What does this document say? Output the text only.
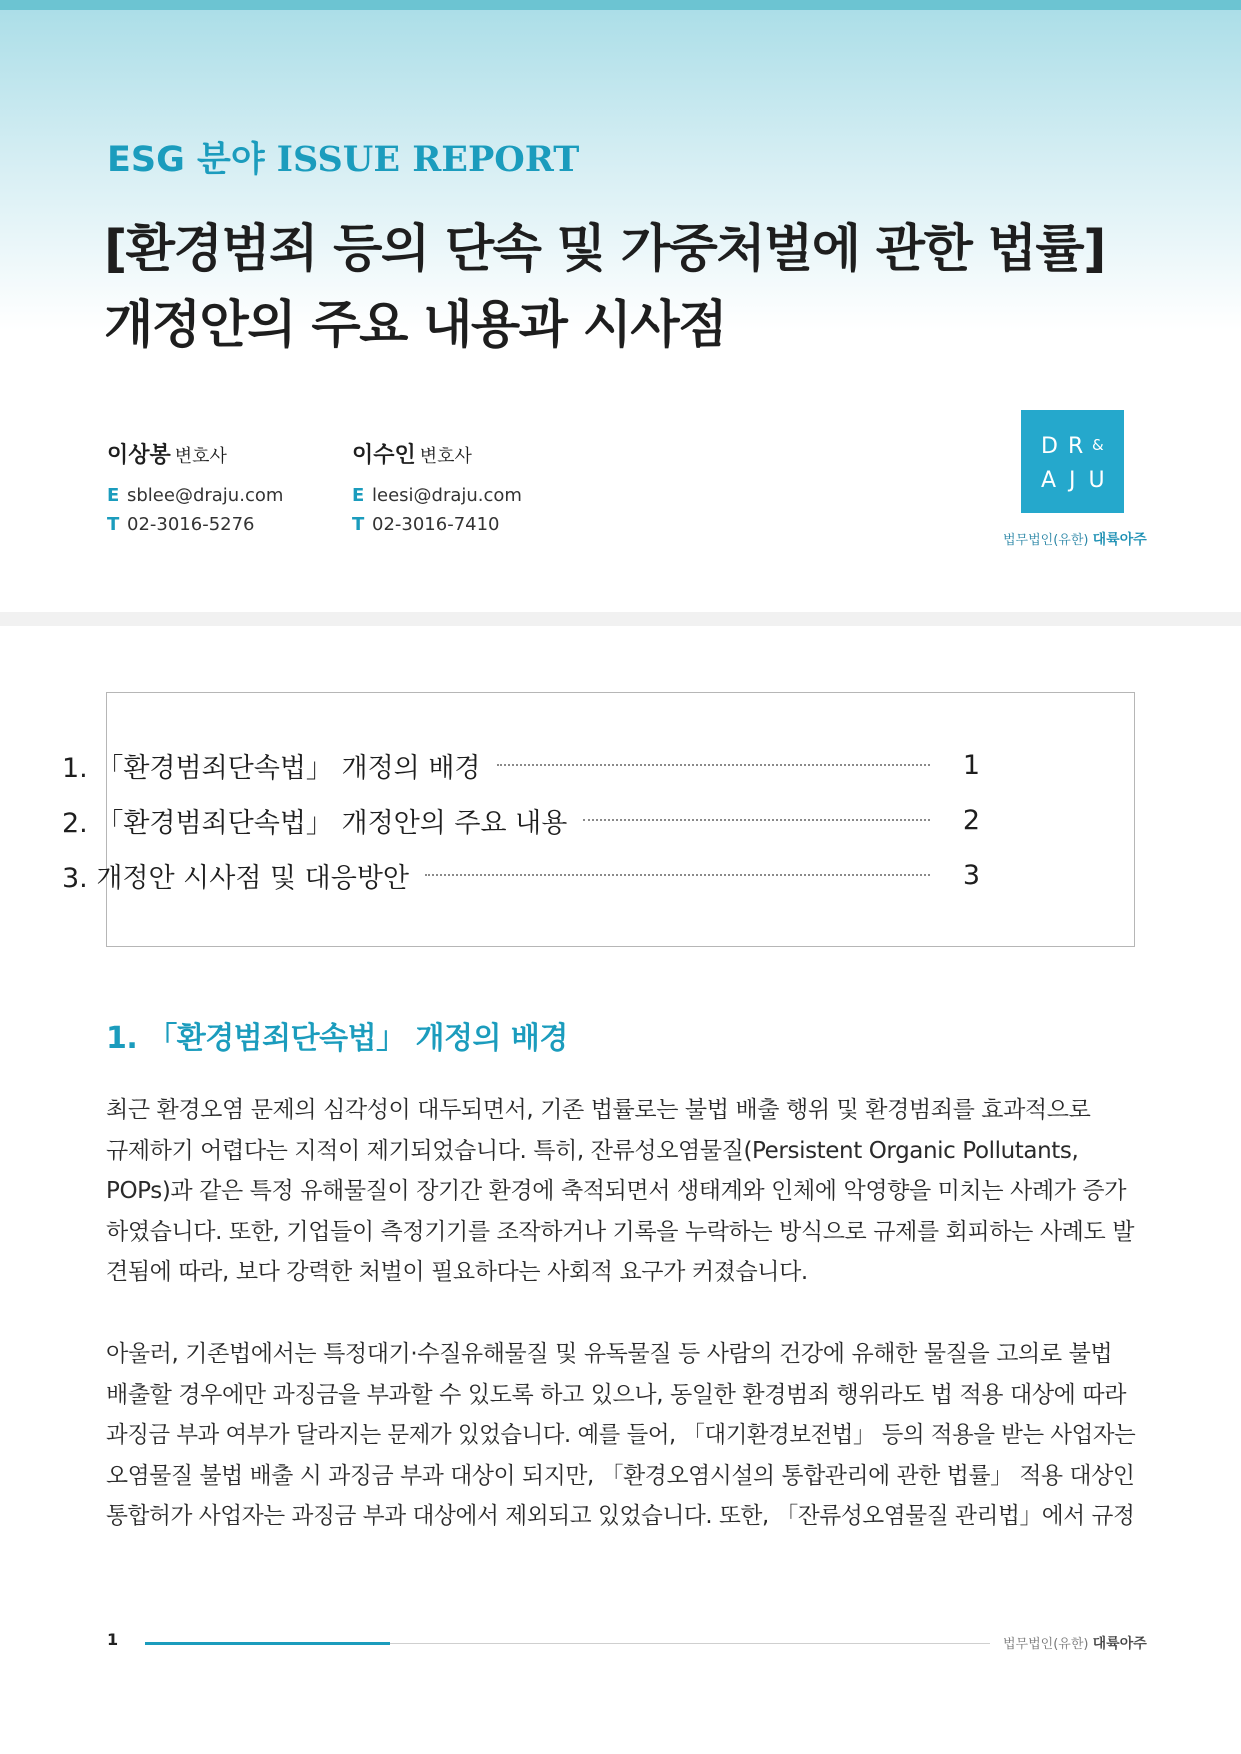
ESG 분야 ISSUE REPORT
[환경범죄 등의 단속 및 가중처벌에 관한 법률]
개정안의 주요 내용과 시사점
이상봉 변호사
E sblee@draju.com
T 02-3016-5276
이수인 변호사
E leesi@draju.com
T 02-3016-7410
DR
&
AJU
법무법인(유한) 대륙아주
1. 「환경범죄단속법」 개정의 배경	1
2. 「환경범죄단속법」 개정안의 주요 내용	2
3. 개정안 시사점 및 대응방안	3
1. 「환경범죄단속법」 개정의 배경
최근 환경오염 문제의 심각성이 대두되면서, 기존 법률로는 불법 배출 행위 및 환경범죄를 효과적으로
규제하기 어렵다는 지적이 제기되었습니다. 특히, 잔류성오염물질(Persistent Organic Pollutants,
POPs)과 같은 특정 유해물질이 장기간 환경에 축적되면서 생태계와 인체에 악영향을 미치는 사례가 증가
하였습니다. 또한, 기업들이 측정기기를 조작하거나 기록을 누락하는 방식으로 규제를 회피하는 사례도 발
견됨에 따라, 보다 강력한 처벌이 필요하다는 사회적 요구가 커졌습니다.
아울러, 기존법에서는 특정대기·수질유해물질 및 유독물질 등 사람의 건강에 유해한 물질을 고의로 불법
배출할 경우에만 과징금을 부과할 수 있도록 하고 있으나, 동일한 환경범죄 행위라도 법 적용 대상에 따라
과징금 부과 여부가 달라지는 문제가 있었습니다. 예를 들어, 「대기환경보전법」 등의 적용을 받는 사업자는
오염물질 불법 배출 시 과징금 부과 대상이 되지만, 「환경오염시설의 통합관리에 관한 법률」 적용 대상인
통합허가 사업자는 과징금 부과 대상에서 제외되고 있었습니다. 또한, 「잔류성오염물질 관리법」에서 규정
1	법무법인(유한) 대륙아주
